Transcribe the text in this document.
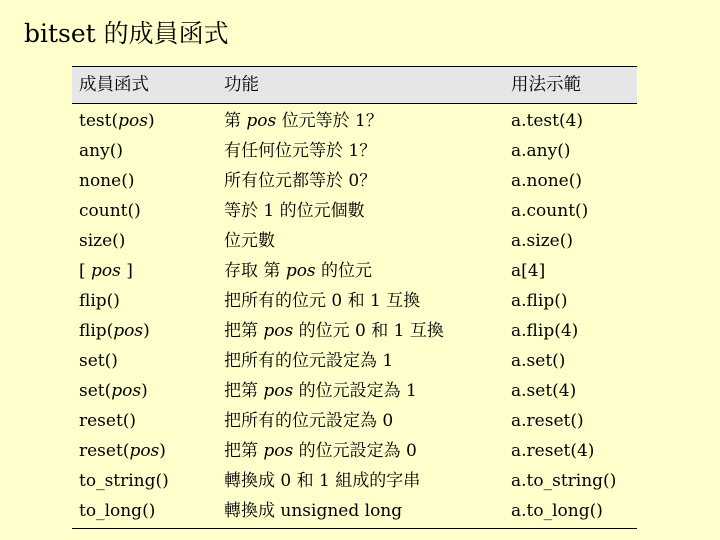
bitset 的成員函式
成員函式	功能	用法示範
test(pos)	第 pos 位元等於 1？	a.test(4)
any()	有任何位元等於 1？	a.any()
none()	所有位元都等於 0？	a.none()
count()	等於 1 的位元個數	a.count()
size()	位元數	a.size()
[ pos ]	存取 第 pos 的位元	a[4]
flip()	把所有的位元 0 和 1 互換	a.flip()
flip(pos)	把第 pos 的位元 0 和 1 互換	a.flip(4)
set()	把所有的位元設定為 1	a.set()
set(pos)	把第 pos 的位元設定為 1	a.set(4)
reset()	把所有的位元設定為 0	a.reset()
reset(pos)	把第 pos 的位元設定為 0	a.reset(4)
to_string()	轉換成 0 和 1 組成的字串	a.to_string()
to_long()	轉換成 unsigned long	a.to_long()
